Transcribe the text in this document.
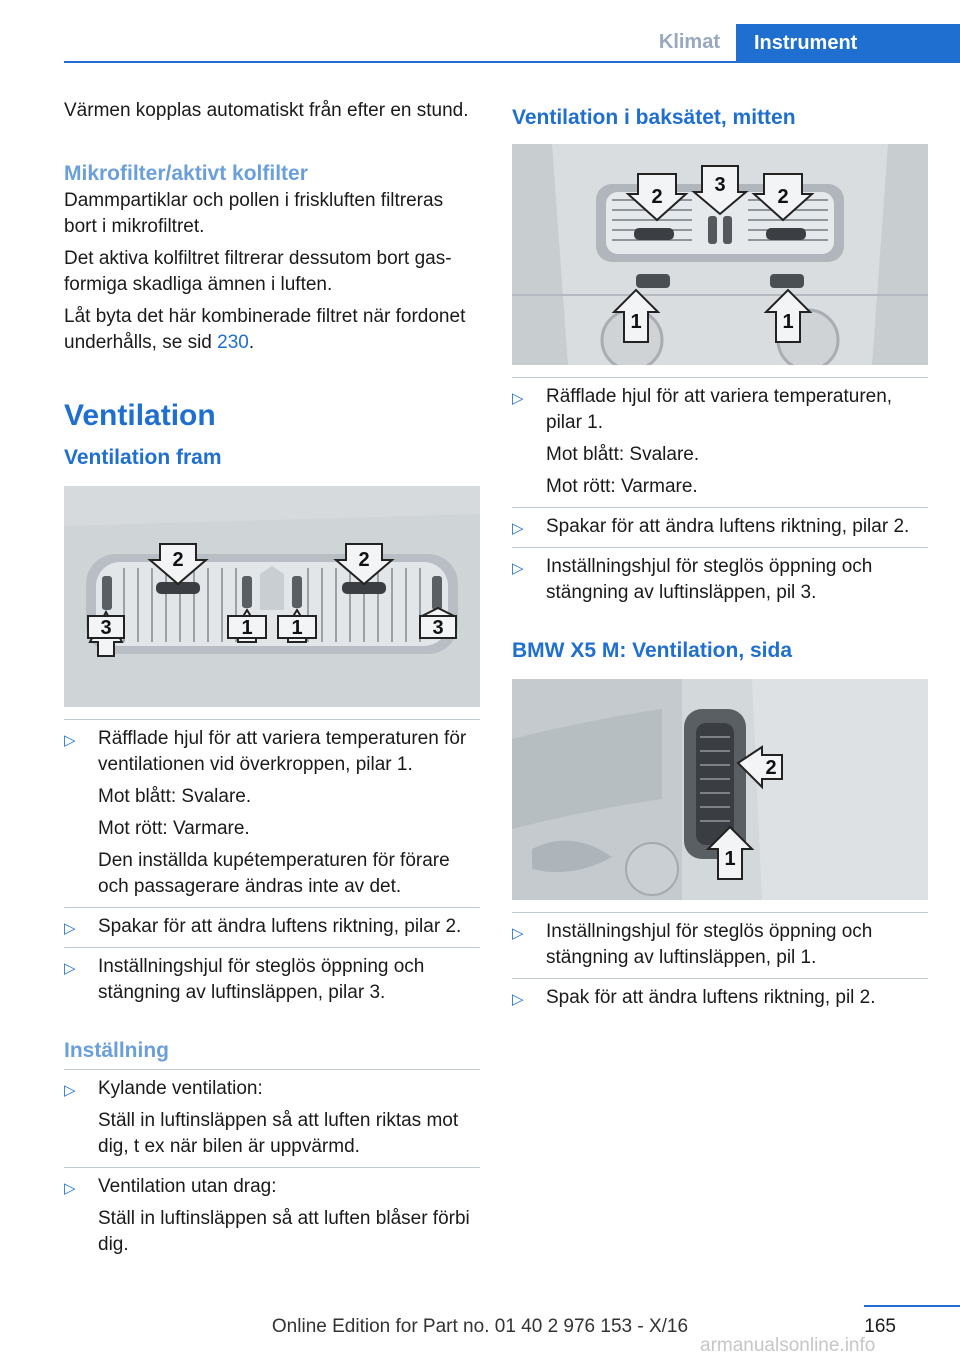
Klimat	Instrument

Värmen kopplas automatiskt från efter en stund.

Mikrofilter/aktivt kolfilter

Dammpartiklar och pollen i friskluften filtreras bort i mikrofiltret.

Det aktiva kolfiltret filtrerar dessutom bort gasformiga skadliga ämnen i luften.

Låt byta det här kombinerade filtret när fordonet underhålls, se sid 230.

Ventilation
Ventilation fram
2	2
3	1 1	3
▷ Räfflade hjul för att variera temperaturen för ventilationen vid överkroppen, pilar 1.
Mot blått: Svalare.
Mot rött: Varmare.
Den inställda kupétemperaturen för förare och passagerare ändras inte av det.
▷ Spakar för att ändra luftens riktning, pilar 2.
▷ Inställningshjul för steglös öppning och stängning av luftinsläppen, pilar 3.
Inställning
▷ Kylande ventilation:
Ställ in luftinsläppen så att luften riktas mot dig, t ex när bilen är uppvärmd.
▷ Ventilation utan drag:
Ställ in luftinsläppen så att luften blåser förbi dig.
Ventilation i baksätet, mitten
2
3
2
1	1
▷ Räfflade hjul för att variera temperaturen, pilar 1.
Mot blått: Svalare.
Mot rött: Varmare.
▷ Spakar för att ändra luftens riktning, pilar 2.
▷ Inställningshjul för steglös öppning och stängning av luftinsläppen, pil 3.
BMW X5 M: Ventilation, sida
2
1
▷ Inställningshjul för steglös öppning och stängning av luftinsläppen, pil 1.
▷ Spak för att ändra luftens riktning, pil 2.
165
Online Edition for Part no. 01 40 2 976 153 - X/16
armanualsonline.info
